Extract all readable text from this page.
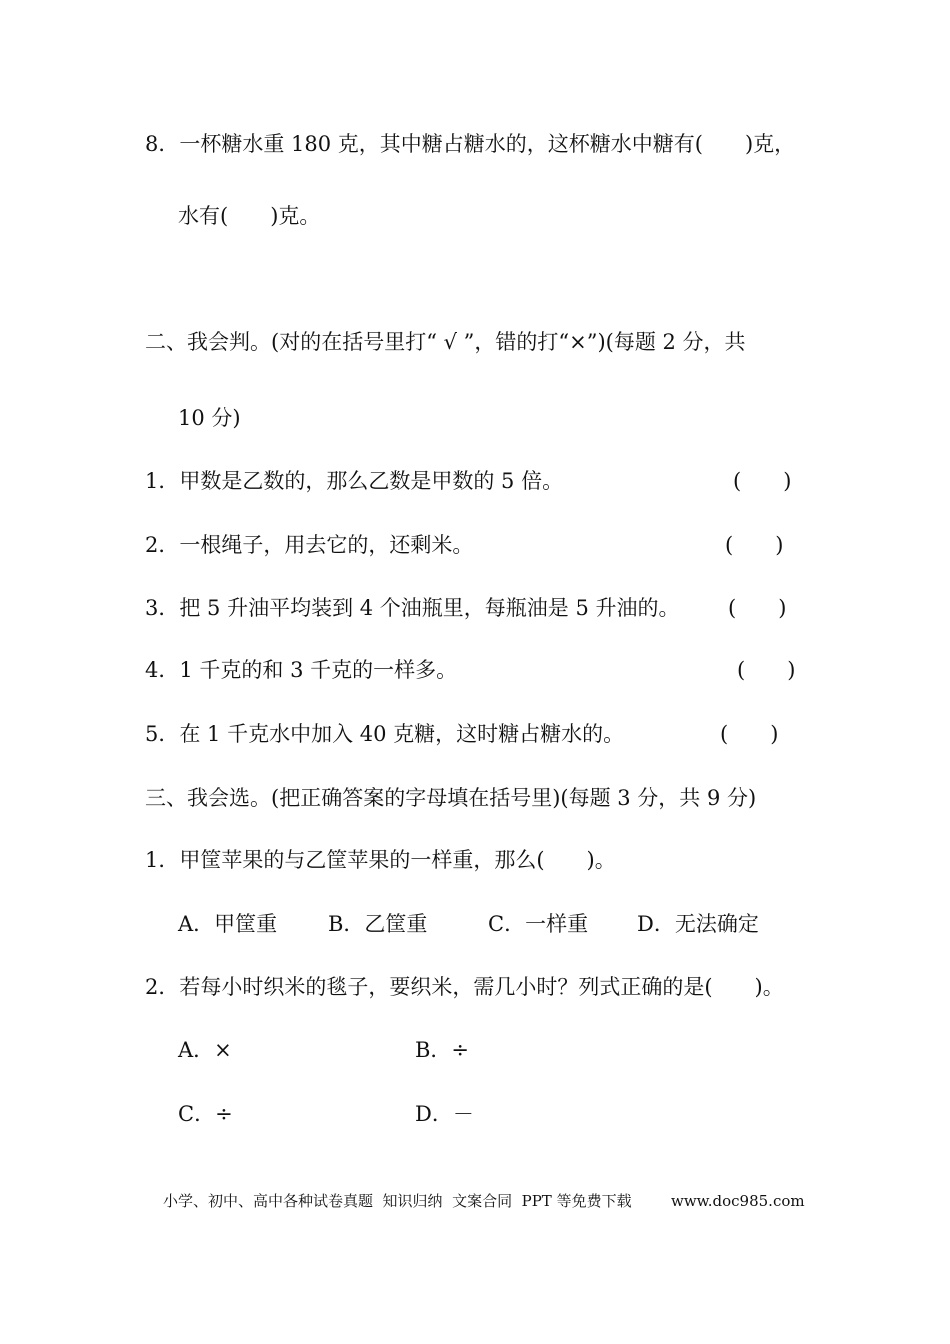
8．一杯糖水重 180 克，其中糖占糖水的，这杯糖水中糖有(　　)克，
水有(　　)克。
二、我会判。(对的在括号里打“ √ ”，错的打“×”)(每题 2 分，共
10 分)
1．甲数是乙数的，那么乙数是甲数的 5 倍。	(　　)
2．一根绳子，用去它的，还剩米。	(　　)
3．把 5 升油平均装到 4 个油瓶里，每瓶油是 5 升油的。 (　　)
4．1 千克的和 3 千克的一样多。	(　　)
5．在 1 千克水中加入 40 克糖，这时糖占糖水的。	(　　)
三、我会选。(把正确答案的字母填在括号里)(每题 3 分，共 9 分)
1．甲筐苹果的与乙筐苹果的一样重，那么(　　)。
A．甲筐重 B．乙筐重	C．一样重 D．无法确定
2．若每小时织米的毯子，要织米，需几小时？列式正确的是(　　)。
A．×	B．÷
C．÷	D．－
小学、初中、高中各种试卷真题  知识归纳  文案合同  PPT 等免费下载	www.doc985.com
